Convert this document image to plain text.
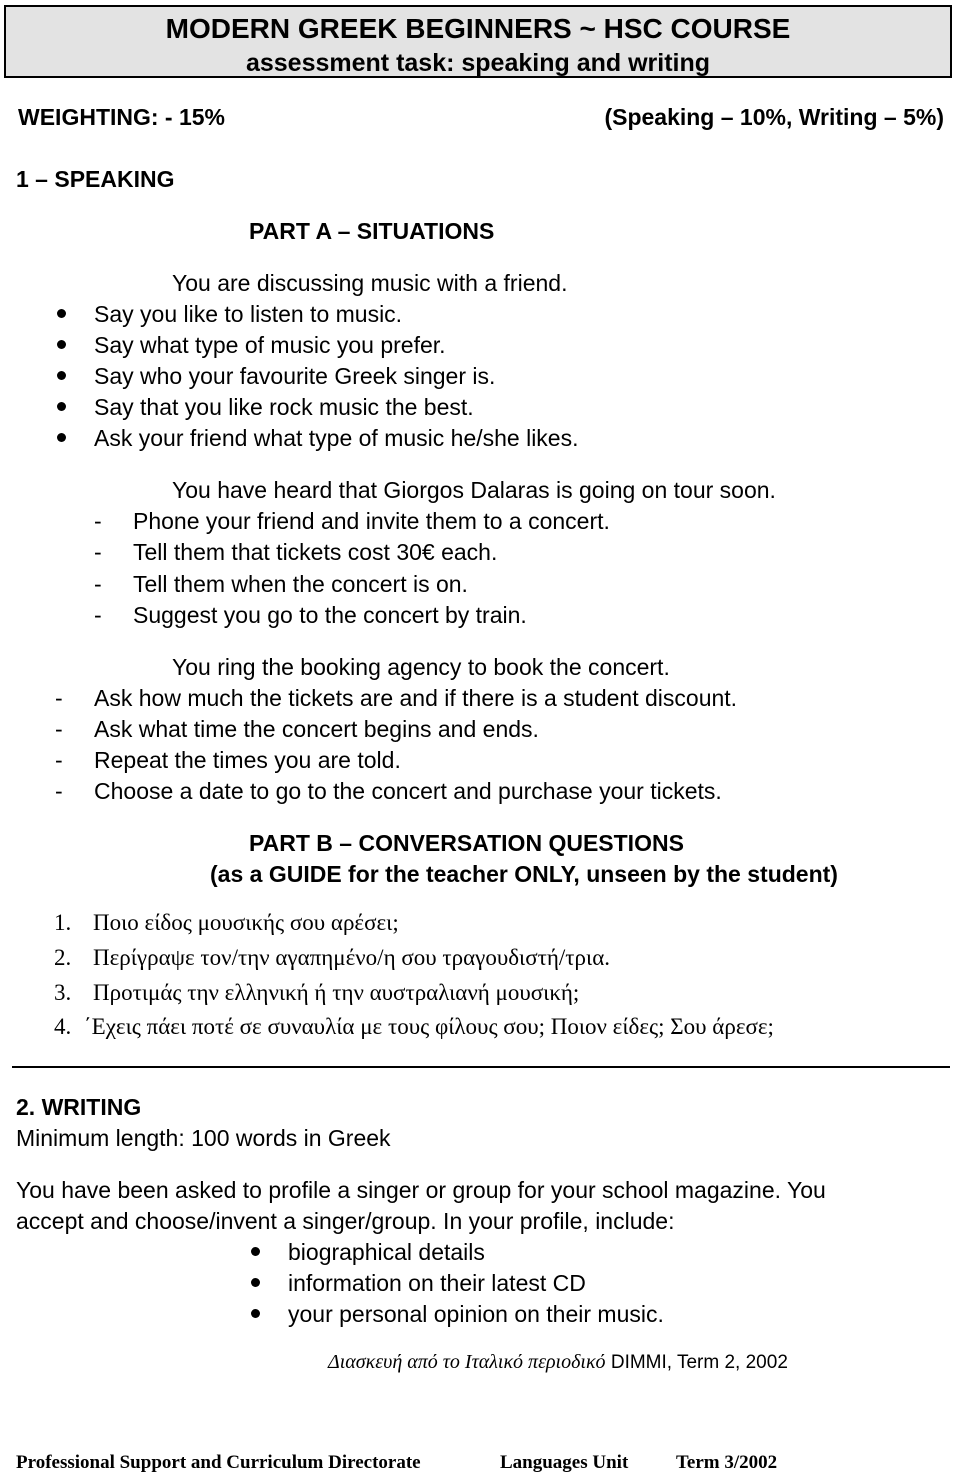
MODERN GREEK BEGINNERS ~ HSC COURSE
assessment task: speaking and writing
WEIGHTING: - 15%	(Speaking – 10%, Writing – 5%)
1 – SPEAKING
PART A – SITUATIONS
You are discussing music with a friend.
Say you like to listen to music.
Say what type of music you prefer.
Say who your favourite Greek singer is.
Say that you like rock music the best.
Ask your friend what type of music he/she likes.
You have heard that Giorgos Dalaras is going on tour soon.
- Phone your friend and invite them to a concert.
- Tell them that tickets cost 30€ each.
- Tell them when the concert is on.
- Suggest you go to the concert by train.
You ring the booking agency to book the concert.
- Ask how much the tickets are and if there is a student discount.
- Ask what time the concert begins and ends.
- Repeat the times you are told.
- Choose a date to go to the concert and purchase your tickets.
PART B – CONVERSATION QUESTIONS
(as a GUIDE for the teacher ONLY, unseen by the student)
1. Ποιο είδος μουσικής σου αρέσει;
2. Περίγραψε τον/την αγαπημένο/η σου τραγουδιστή/τρια.
3. Προτιμάς την ελληνική ή την αυστραλιανή μουσική;
4. ΄Εχεις πάει ποτέ σε συναυλία με τους φίλους σου; Ποιον είδες; Σου άρεσε;
2. WRITING
Minimum length: 100 words in Greek
You have been asked to profile a singer or group for your school magazine. You
accept and choose/invent a singer/group. In your profile, include:
biographical details
information on their latest CD
your personal opinion on their music.
Διασκευή από το Ιταλικό περιοδικό DIMMI, Term 2, 2002
Professional Support and Curriculum Directorate	Languages Unit	Term 3/2002
